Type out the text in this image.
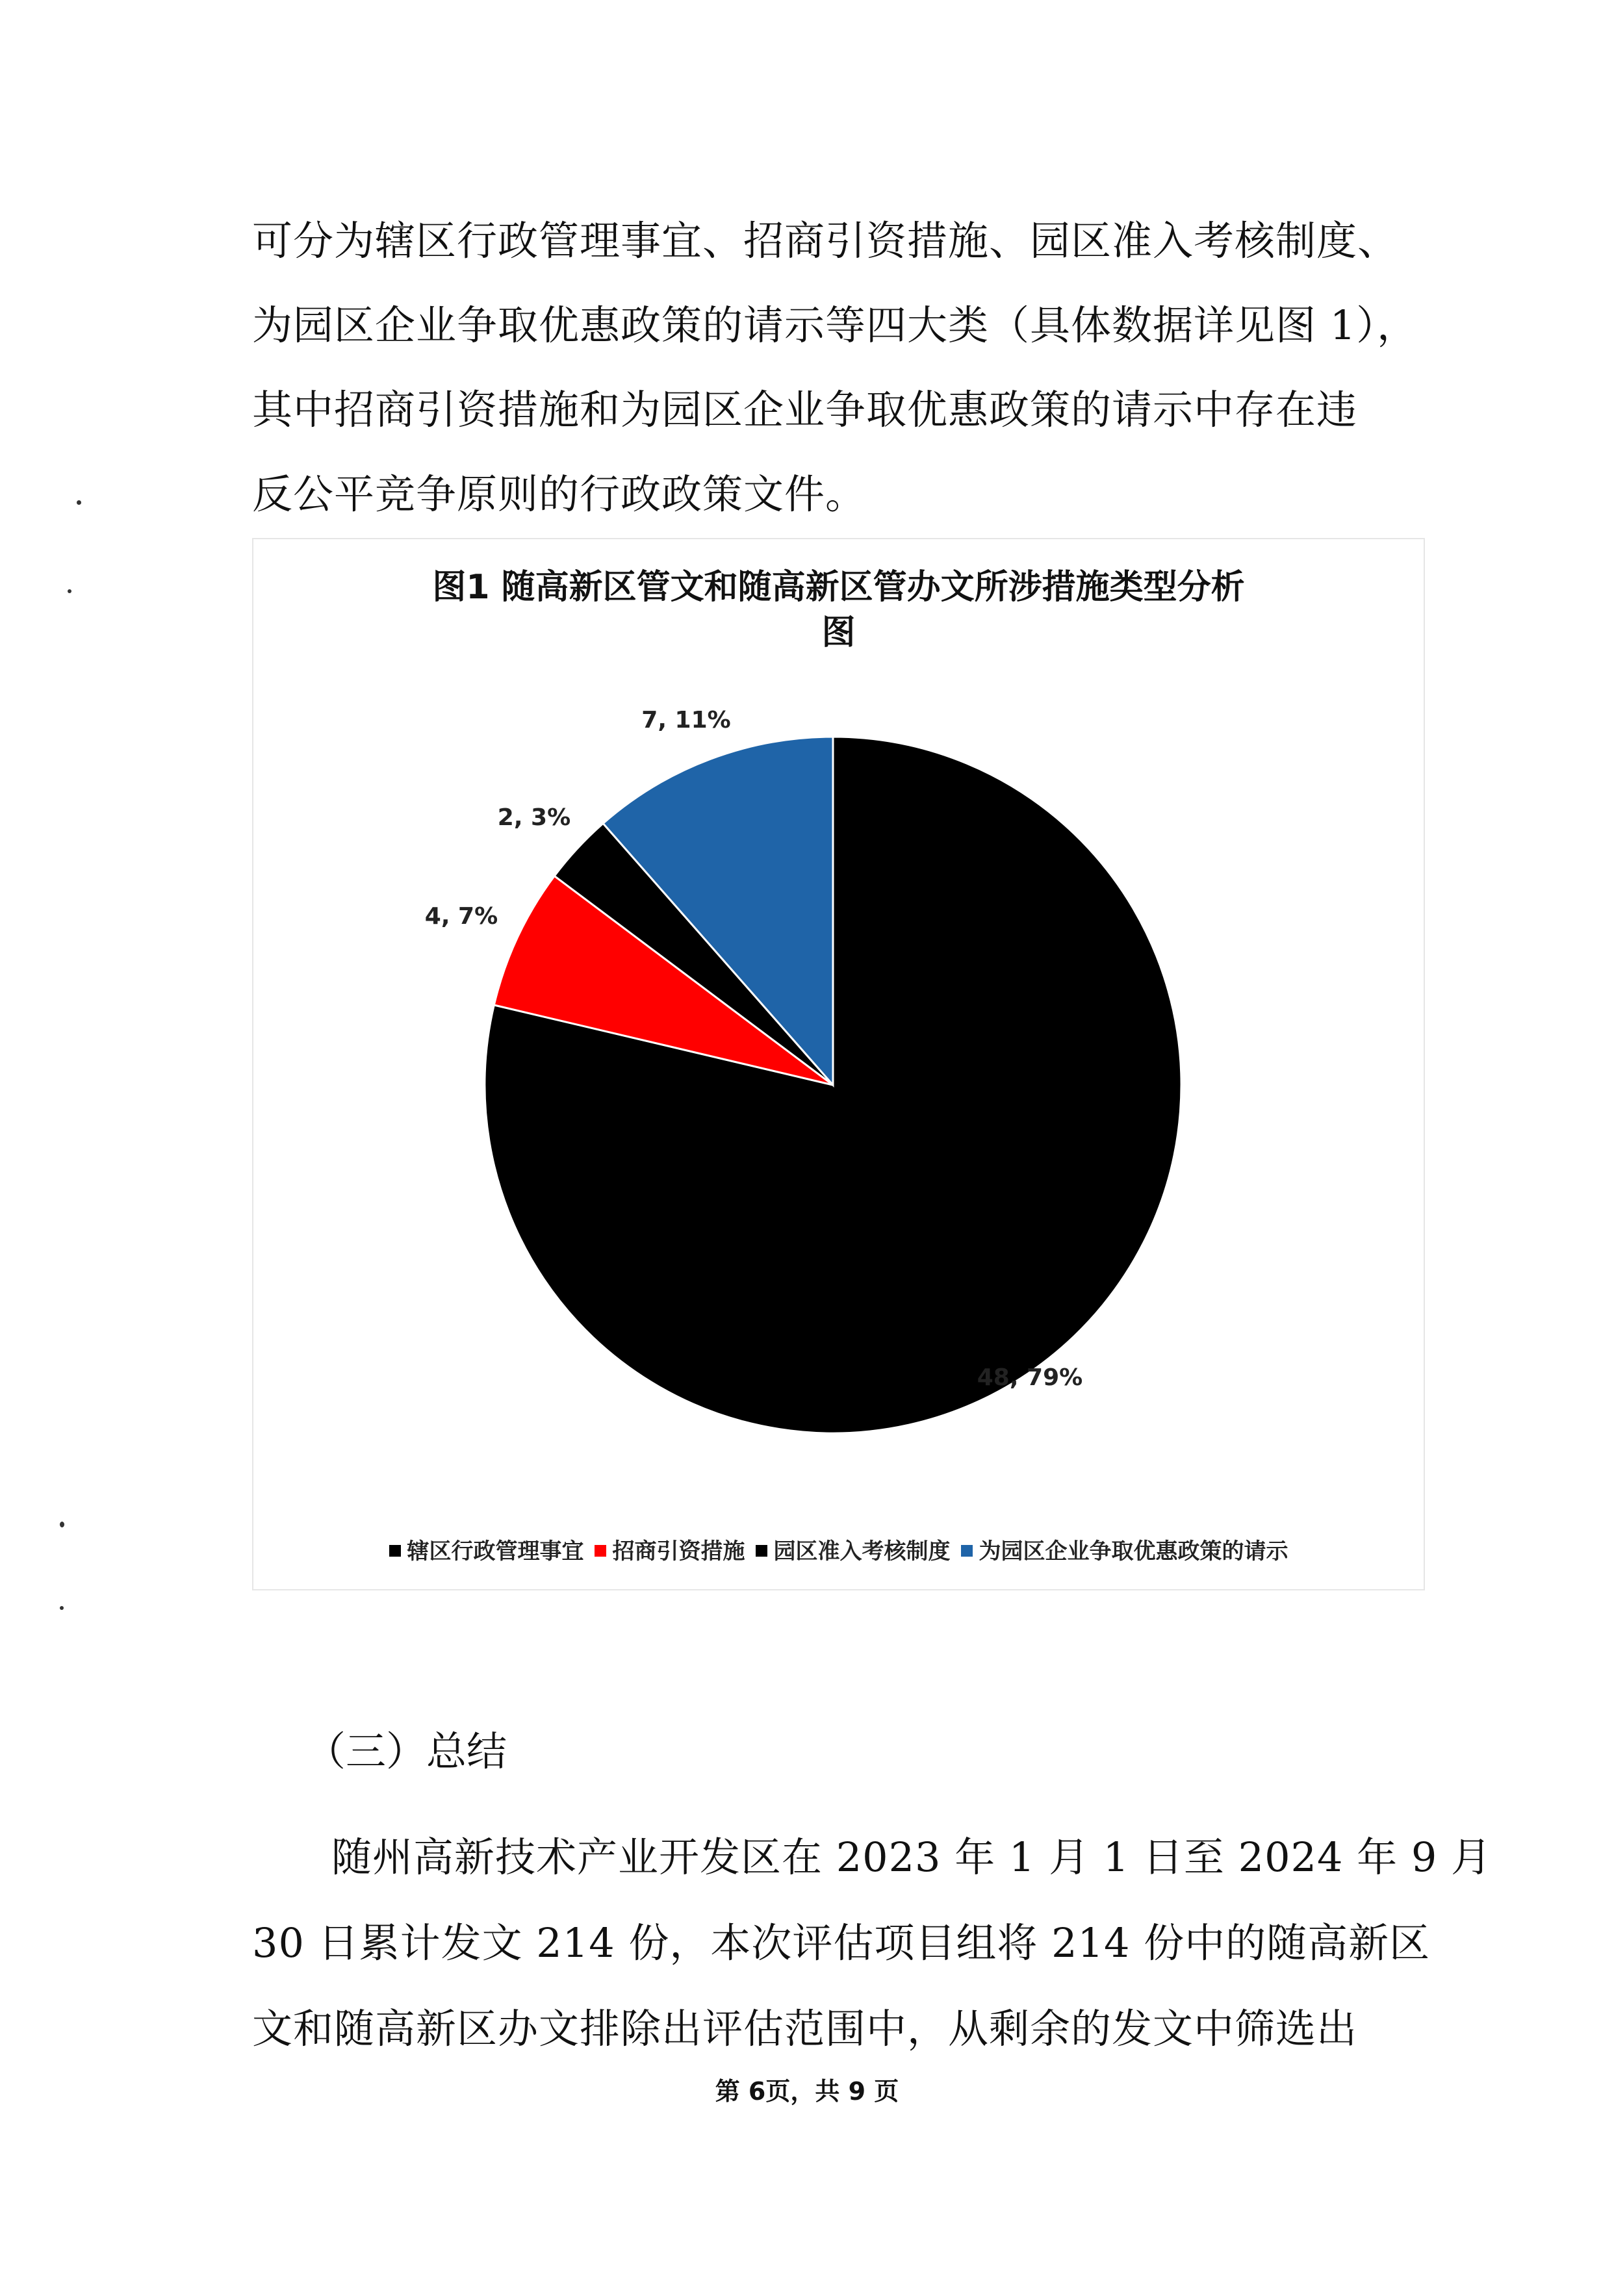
可分为辖区行政管理事宜、招商引资措施、园区准入考核制度、
为园区企业争取优惠政策的请示等四大类（具体数据详见图 1），
其中招商引资措施和为园区企业争取优惠政策的请示中存在违
反公平竞争原则的行政政策文件。
图1 随高新区管文和随高新区管办文所涉措施类型分析
图
48, 79%
4, 7%
2, 3%
7, 11%
辖区行政管理事宜 招商引资措施 园区准入考核制度 为园区企业争取优惠政策的请示
（三）总结
随州高新技术产业开发区在 2023 年 1 月 1 日至 2024 年 9 月
30 日累计发文 214 份，本次评估项目组将 214 份中的随高新区
文和随高新区办文排除出评估范围中，从剩余的发文中筛选出
第 6页，共 9 页
